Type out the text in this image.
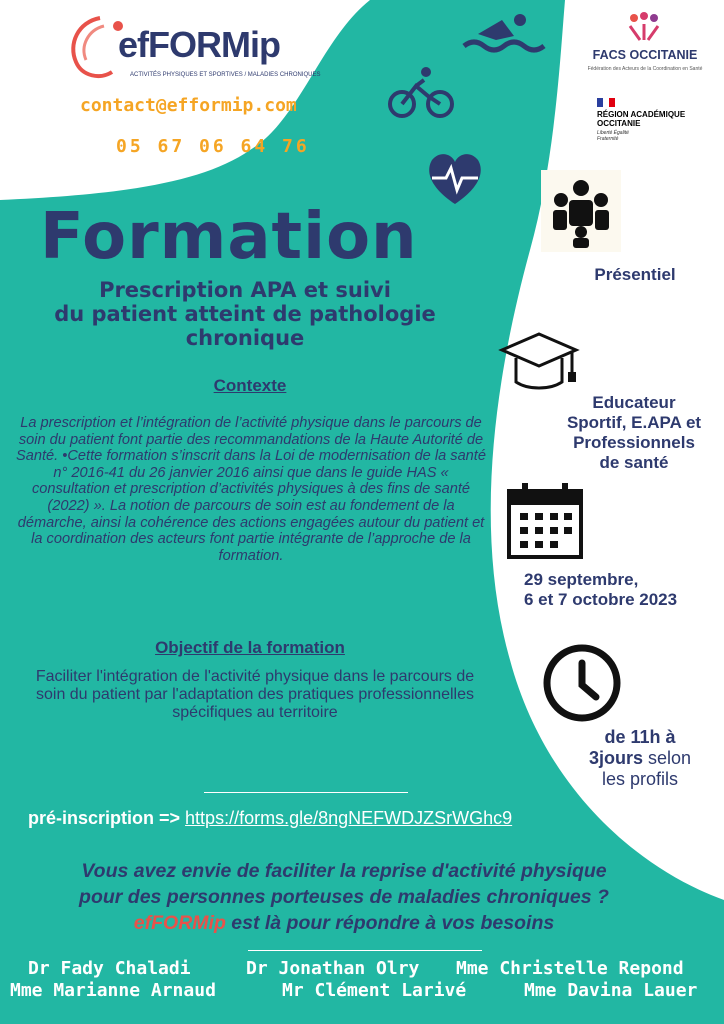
efFORMip
ACTIVITÉS PHYSIQUES ET SPORTIVES / MALADIES CHRONIQUES
contact@efformip.com
05 67 06 64 76
FACS OCCITANIE
Fédération des Acteurs de la Coordination en Santé
RÉGION ACADÉMIQUE
OCCITANIE
Liberté Égalité Fraternité
Formation
Prescription APA et suivi
du patient atteint de pathologie
chronique
Contexte
La prescription et l’intégration de l’activité physique dans le parcours de soin du patient font partie des recommandations de la Haute Autorité de Santé. •Cette formation s’inscrit dans la Loi de modernisation de la santé n° 2016-41 du 26 janvier 2016 ainsi que dans le guide HAS « consultation et prescription d’activités physiques à des fins de santé (2022) ». La notion de parcours de soin est au fondement de la démarche, ainsi la cohérence des actions engagées autour du patient et la coordination des acteurs font partie intégrante de l’approche de la formation.
Objectif de la formation
Faciliter l'intégration de l'activité physique dans le parcours de soin du patient par l'adaptation des pratiques professionnelles spécifiques au territoire
Présentiel
Educateur
Sportif, E.APA et
Professionnels
de santé
29 septembre,
6 et 7 octobre 2023
de 11h à
3jours selon
les profils
pré-inscription => https://forms.gle/8ngNEFWDJZSrWGhc9
Vous avez envie de faciliter la reprise d'activité physique
pour des personnes porteuses de maladies chroniques ?
efFORMip est là pour répondre à vos besoins
Dr Fady Chaladi	Dr Jonathan Olry Mme Christelle Repond
Mme Marianne Arnaud	Mr Clément Larivé	Mme Davina Lauer
